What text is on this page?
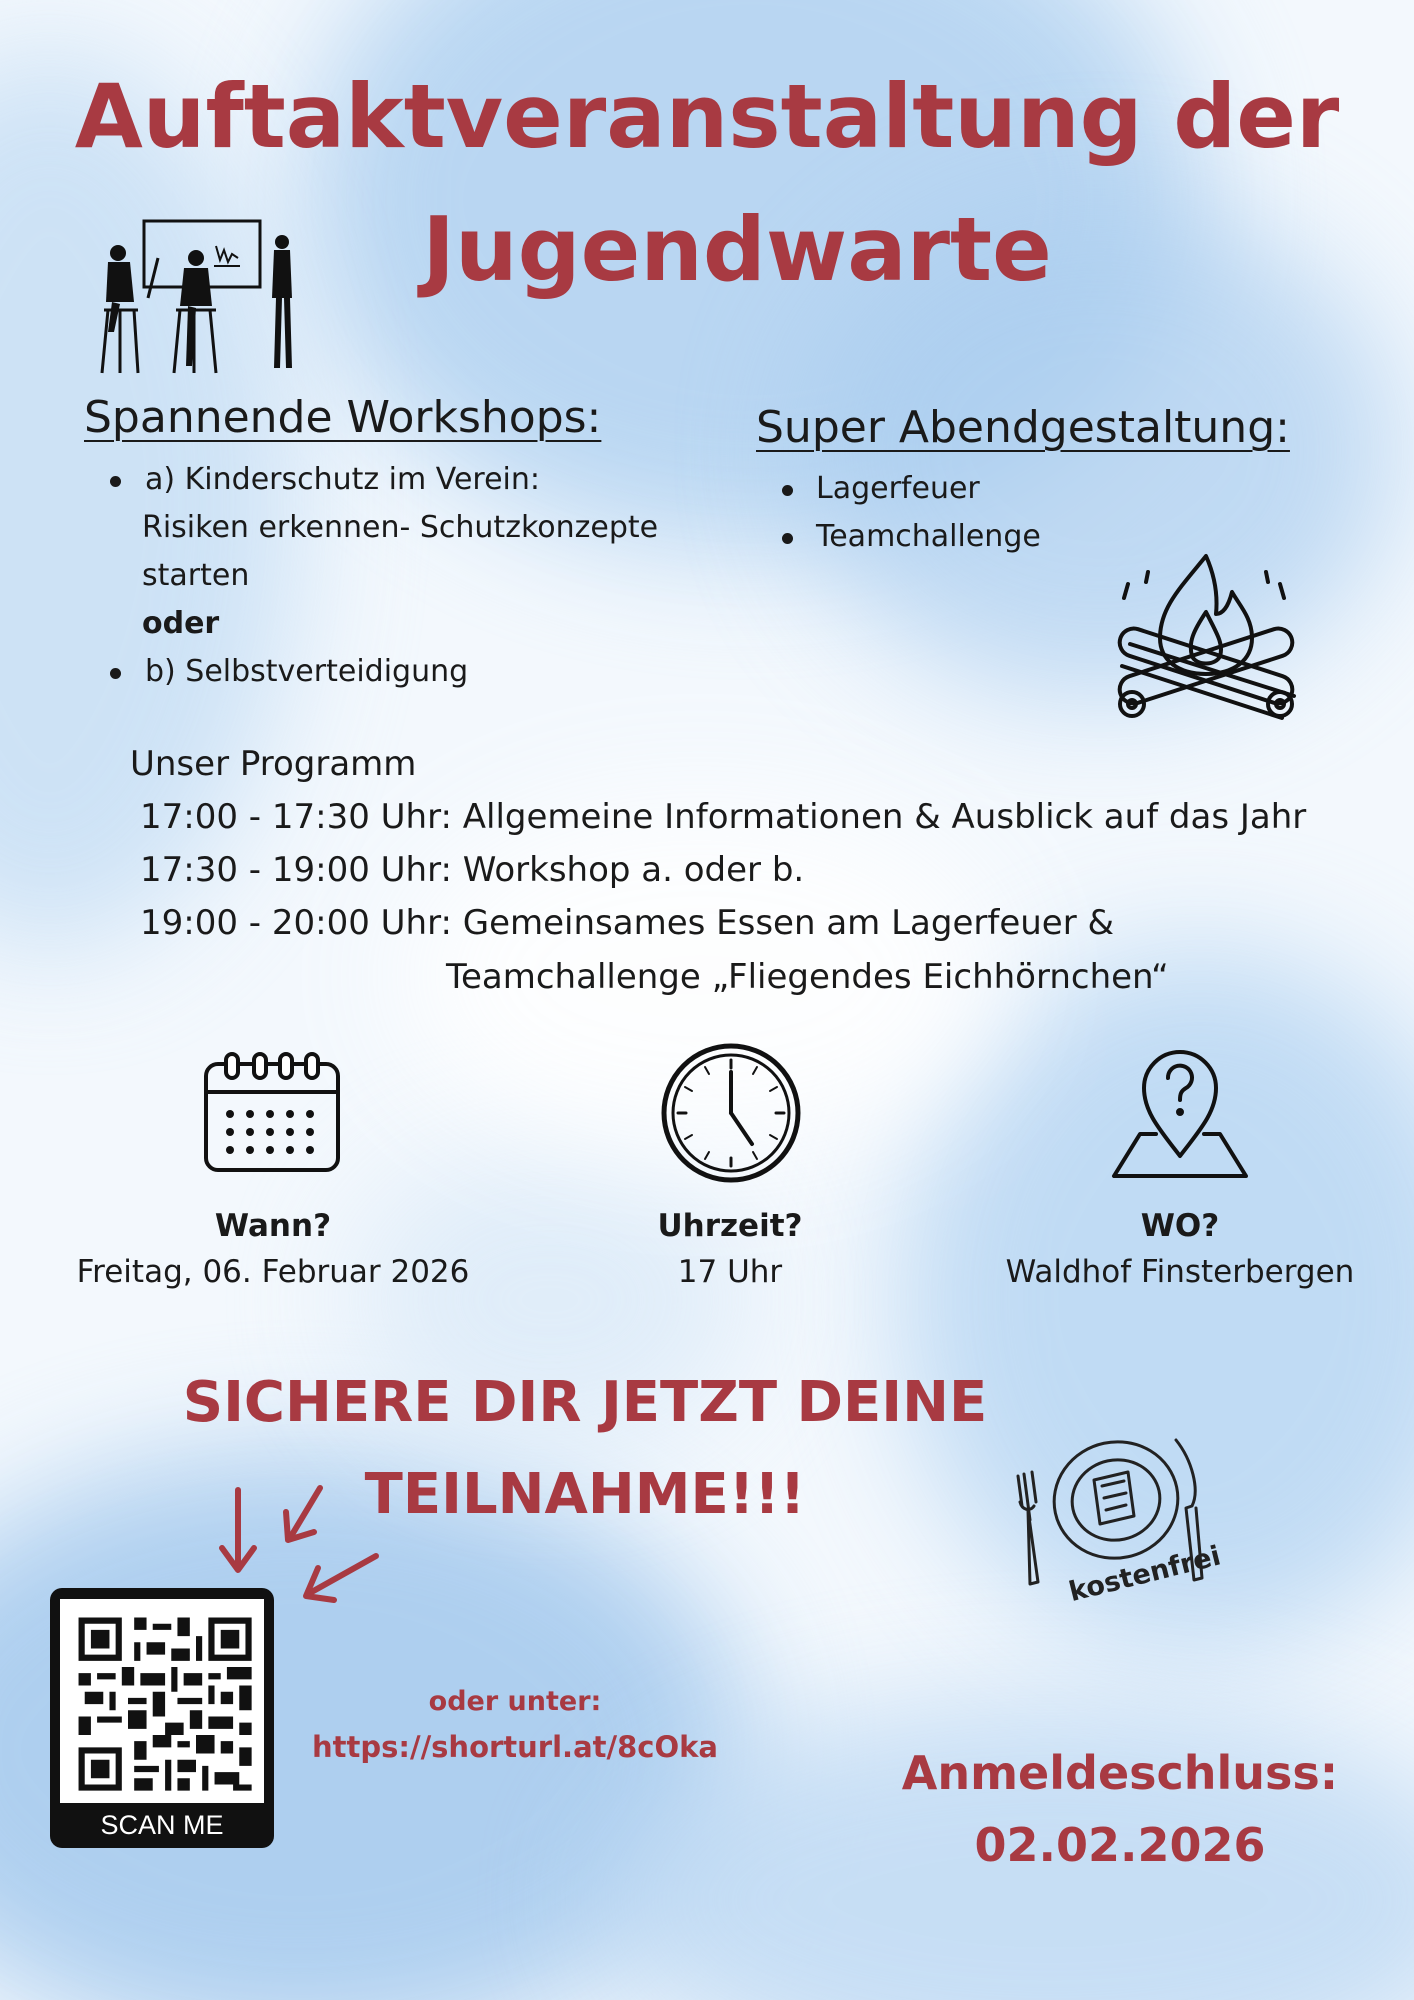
Auftaktveranstaltung der
Jugendwarte
Spannende Workshops:
a) Kinderschutz im Verein:
Risiken erkennen- Schutzkonzepte
starten
oder
b) Selbstverteidigung
Super Abendgestaltung:
Lagerfeuer
Teamchallenge
Unser Programm
17:00 - 17:30 Uhr: Allgemeine Informationen & Ausblick auf das Jahr
17:30 - 19:00 Uhr: Workshop a. oder b.
19:00 - 20:00 Uhr: Gemeinsames Essen am Lagerfeuer &
Teamchallenge „Fliegendes Eichhörnchen“
Wann?
Freitag, 06. Februar 2026
Uhrzeit?
17 Uhr
WO?
Waldhof Finsterbergen
SICHERE DIR JETZT DEINE
TEILNAHME!!!
SCAN ME
oder unter:
https://shorturl.at/8cOka
kostenfrei
Anmeldeschluss:
02.02.2026
